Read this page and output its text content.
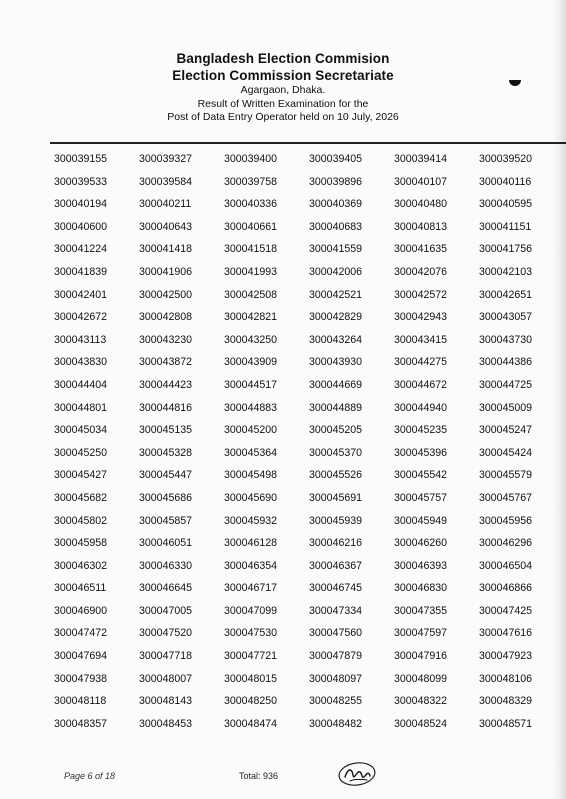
Bangladesh Election Commision
Election Commission Secretariate
Agargaon, Dhaka.
Result of Written Examination for the
Post of Data Entry Operator held on 10 July, 2026
300039155	300039327	300039400	300039405	300039414	300039520
300039533	300039584	300039758	300039896	300040107	300040116
300040194	300040211	300040336	300040369	300040480	300040595
300040600	300040643	300040661	300040683	300040813	300041151
300041224	300041418	300041518	300041559	300041635	300041756
300041839	300041906	300041993	300042006	300042076	300042103
300042401	300042500	300042508	300042521	300042572	300042651
300042672	300042808	300042821	300042829	300042943	300043057
300043113	300043230	300043250	300043264	300043415	300043730
300043830	300043872	300043909	300043930	300044275	300044386
300044404	300044423	300044517	300044669	300044672	300044725
300044801	300044816	300044883	300044889	300044940	300045009
300045034	300045135	300045200	300045205	300045235	300045247
300045250	300045328	300045364	300045370	300045396	300045424
300045427	300045447	300045498	300045526	300045542	300045579
300045682	300045686	300045690	300045691	300045757	300045767
300045802	300045857	300045932	300045939	300045949	300045956
300045958	300046051	300046128	300046216	300046260	300046296
300046302	300046330	300046354	300046367	300046393	300046504
300046511	300046645	300046717	300046745	300046830	300046866
300046900	300047005	300047099	300047334	300047355	300047425
300047472	300047520	300047530	300047560	300047597	300047616
300047694	300047718	300047721	300047879	300047916	300047923
300047938	300048007	300048015	300048097	300048099	300048106
300048118	300048143	300048250	300048255	300048322	300048329
300048357	300048453	300048474	300048482	300048524	300048571
Page 6 of 18	Total: 936
